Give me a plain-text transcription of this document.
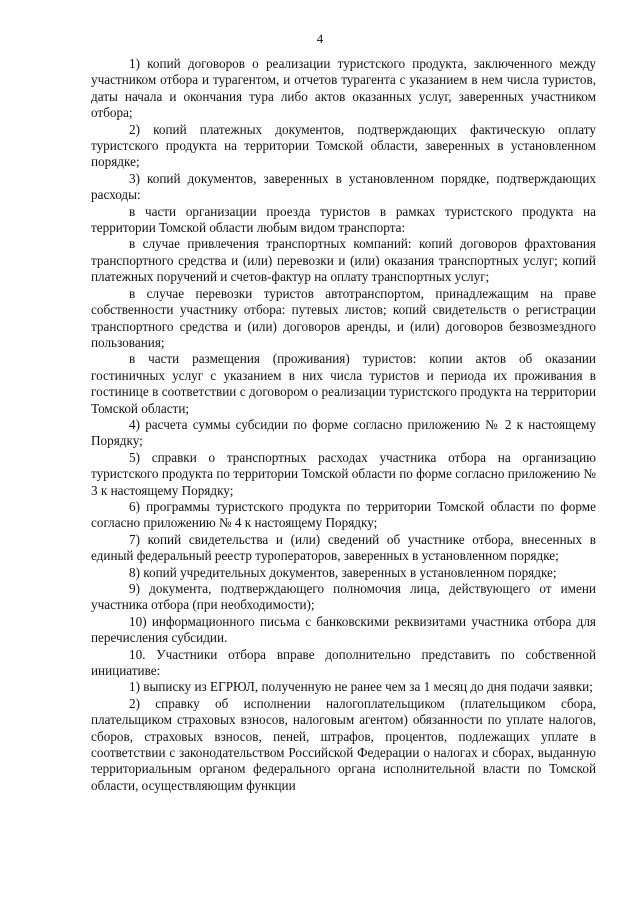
4

1) копий договоров о реализации туристского продукта, заключенного между участником отбора и турагентом, и отчетов турагента с указанием в нем числа туристов, даты начала и окончания тура либо актов оказанных услуг, заверенных участником отбора;

2) копий платежных документов, подтверждающих фактическую оплату туристского продукта на территории Томской области, заверенных в установленном порядке;

3) копий документов, заверенных в установленном порядке, подтверждающих расходы:

в части организации проезда туристов в рамках туристского продукта на территории Томской области любым видом транспорта:

в случае привлечения транспортных компаний: копий договоров фрахтования транспортного средства и (или) перевозки и (или) оказания транспортных услуг; копий платежных поручений и счетов-фактур на оплату транспортных услуг;

в случае перевозки туристов автотранспортом, принадлежащим на праве собственности участнику отбора: путевых листов; копий свидетельств о регистрации транспортного средства и (или) договоров аренды, и (или) договоров безвозмездного пользования;

в части размещения (проживания) туристов: копии актов об оказании гостиничных услуг с указанием в них числа туристов и периода их проживания в гостинице в соответствии с договором о реализации туристского продукта на территории Томской области;

4) расчета суммы субсидии по форме согласно приложению № 2 к настоящему Порядку;

5) справки о транспортных расходах участника отбора на организацию туристского продукта по территории Томской области по форме согласно приложению № 3 к настоящему Порядку;

6) программы туристского продукта по территории Томской области по форме согласно приложению № 4 к настоящему Порядку;

7) копий свидетельства и (или) сведений об участнике отбора, внесенных в единый федеральный реестр туроператоров, заверенных в установленном порядке;

8) копий учредительных документов, заверенных в установленном порядке;

9) документа, подтверждающего полномочия лица, действующего от имени участника отбора (при необходимости);

10) информационного письма с банковскими реквизитами участника отбора для перечисления субсидии.

10. Участники отбора вправе дополнительно представить по собственной инициативе:

1) выписку из ЕГРЮЛ, полученную не ранее чем за 1 месяц до дня подачи заявки;

2) справку об исполнении налогоплательщиком (плательщиком сбора, плательщиком страховых взносов, налоговым агентом) обязанности по уплате налогов, сборов, страховых взносов, пеней, штрафов, процентов, подлежащих уплате в соответствии с законодательством Российской Федерации о налогах и сборах, выданную территориальным органом федерального органа исполнительной власти по Томской области, осуществляющим функции
